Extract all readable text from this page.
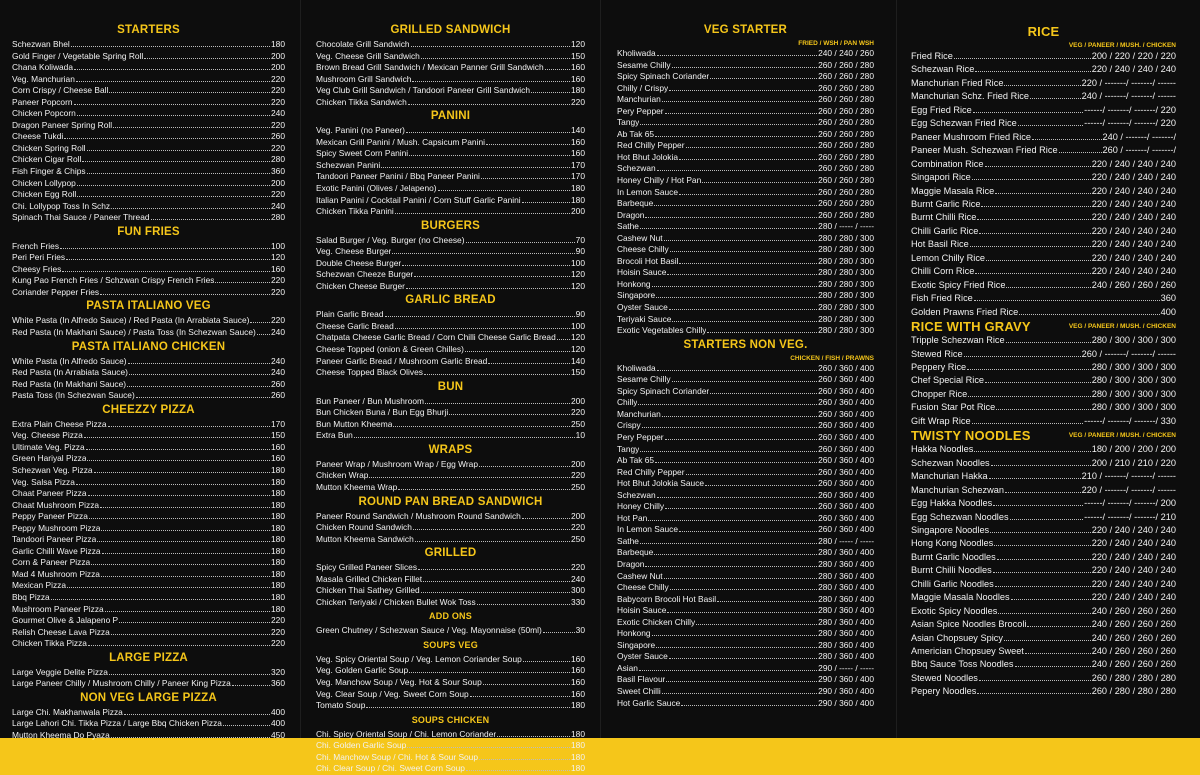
STARTERS
Schezwan Bhel	180
Gold Finger / Vegetable Spring Roll	200
Chana Koliwada	200
Veg. Manchurian	220
Corn Crispy / Cheese Ball	220
Paneer Popcorn	220
Chicken Popcorn	240
Dragon Paneer Spring Roll	220
Cheese Tukdi	260
Chicken Spring Roll	220
Chicken Cigar Roll	280
Fish Finger & Chips	360
Chicken Lollypop	200
Chicken Egg Roll	220
Chi. Lollypop Toss In Schz.	240
Spinach Thai Sauce / Paneer Thread	280
FUN FRIES
French Fries	100
Peri Peri Fries	120
Cheesy Fries	160
Kung Pao French Fries / Schzwan Crispy French Fries	220
Coriander Pepper Fries	220
PASTA ITALIANO VEG
White Pasta (In Alfredo Sauce) / Red Pasta (In Arrabiata Sauce)	220
Red Pasta (In Makhani Sauce) / Pasta Toss (In Schezwan Sauce) 240
PASTA ITALIANO CHICKEN
White Pasta (In Alfredo Sauce)	240
Red Pasta (In Arrabiata Sauce)	240
Red Pasta (In Makhani Sauce)	260
Pasta Toss (In Schezwan Sauce)	260
CHEEZZY PIZZA
Extra Plain Cheese Pizza	170
Veg. Cheese Pizza	150
Ultimate Veg. Pizza	160
Green Hariyal Pizza	160
Schezwan Veg. Pizza	180
Veg. Salsa Pizza	180
Chaat Paneer Pizza	180
Chaat Mushroom Pizza	180
Peppy Paneer Pizza	180
Peppy Mushroom Pizza	180
Tandoori Paneer Pizza	180
Garlic Chilli Wave Pizza	180
Corn & Paneer Pizza	180
Mad 4 Mushroom Pizza	180
Mexican Pizza	180
Bbq Pizza	180
Mushroom Paneer Pizza	180
Gourmet Olive & Jalapeno P	220
Relish Cheese Lava Pizza	220
Chicken Tikka Pizza	220
LARGE PIZZA
Large Veggie Delite Pizza	320
Large Paneer Chilly / Mushroom Chilly / Paneer King Pizza	360
NON VEG LARGE PIZZA
Large Chi. Makhanwala Pizza	400
Large Lahori Chi. Tikka Pizza / Large Bbq Chicken Pizza	400
Mutton Kheema Do Pyaza	450
GRILLED SANDWICH
Chocolate Grill Sandwich	120
Veg. Cheese Grill Sandwich	150
Brown Bread Grill Sandwich / Mexican Panner Grill Sandwich	160
Mushroom Grill Sandwich	160
Veg Club Grill Sandwich / Tandoori Paneer Grill Sandwich	180
Chicken Tikka Sandwich	220
PANINI
Veg. Panini (no Paneer)	140
Mexican Grill Panini / Mush. Capsicum Panini	160
Spicy Sweet Corn Panini	160
Schezwan Panini	170
Tandoori Paneer Panini / Bbq Paneer Panini	170
Exotic Panini (Olives / Jelapeno)	180
Italian Panini / Cocktail Panini / Corn Stuff Garlic Panini	180
Chicken Tikka Panini	200
BURGERS
Salad Burger / Veg. Burger (no Cheese)	70
Veg. Cheese Burger	90
Double Cheese Burger	100
Schezwan Cheeze Burger	120
Chicken Cheese Burger	120
GARLIC BREAD
Plain Garlic Bread	90
Cheese Garlic Bread	100
Chatpata Cheese Garlic Bread / Corn Chilli Cheese Garlic Bread 120
Cheese Topped (onion & Green Chilles)	120
Paneer Garlic Bread / Mushroom Garlic Bread	140
Cheese Topped Black Olives	150
BUN
Bun Paneer / Bun Mushroom	200
Bun Chicken Buna / Bun Egg Bhurji	220
Bun Mutton Kheema	250
Extra Bun	10
WRAPS
Paneer Wrap / Mushroom Wrap / Egg Wrap	200
Chicken Wrap	220
Mutton Kheema Wrap	250
ROUND PAN BREAD SANDWICH
Paneer Round Sandwich / Mushroom Round Sandwich	200
Chicken Round Sandwich	220
Mutton Kheema Sandwich	250
GRILLED
Spicy Grilled Paneer Slices	220
Masala Grilled Chicken Fillet	240
Chicken Thai Sathey Grilled	300
Chicken Teriyaki / Chicken Bullet Wok Toss	330
ADD ONS
Green Chutney / Schezwan Sauce / Veg. Mayonnaise (50ml)	30
SOUPS VEG
Veg. Spicy Oriental Soup / Veg. Lemon Coriander Soup	160
Veg. Golden Garlic Soup	160
Veg. Manchow Soup / Veg. Hot & Sour Soup	160
Veg. Clear Soup / Veg. Sweet Corn Soup	160
Tomato Soup	180
SOUPS CHICKEN
Chi. Spicy Oriental Soup / Chi. Lemon Coriander	180
Chi. Golden Garlic Soup	180
Chi. Manchow Soup / Chi. Hot & Sour Soup	180
Chi. Clear Soup / Chi. Sweet Corn Soup	180
VEG STARTER
FRIED / WSH / PAN WSH
Kholiwada	240 / 240 / 260
Sesame Chilly	260 / 260 / 280
Spicy Spinach Coriander	260 / 260 / 280
Chilly / Crispy	260 / 260 / 280
Manchurian	260 / 260 / 280
Pery Pepper	260 / 260 / 280
Tangy	260 / 260 / 280
Ab Tak 65	260 / 260 / 280
Red Chilly Pepper	260 / 260 / 280
Hot Bhut Jolokia	260 / 260 / 280
Schezwan	260 / 260 / 280
Honey Chilly / Hot Pan	260 / 260 / 280
In Lemon Sauce	260 / 260 / 280
Barbeque	260 / 260 / 280
Dragon	260 / 260 / 280
Sathe	280 / ----- / -----
Cashew Nut	280 / 280 / 300
Cheese Chilly	280 / 280 / 300
Brocoli Hot Basil	280 / 280 / 300
Hoisin Sauce	280 / 280 / 300
Honkong	280 / 280 / 300
Singapore	280 / 280 / 300
Oyster Sauce	280 / 280 / 300
Teriyaki Sauce	280 / 280 / 300
Exotic Vegetables Chilly	280 / 280 / 300
STARTERS NON VEG.
CHICKEN / FISH / PRAWNS
Kholiwada	260 / 360 / 400
Sesame Chilly	260 / 360 / 400
Spicy Spinach Coriander	260 / 360 / 400
Chilly	260 / 360 / 400
Manchurian	260 / 360 / 400
Crispy	260 / 360 / 400
Pery Pepper	260 / 360 / 400
Tangy	260 / 360 / 400
Ab Tak 65	260 / 360 / 400
Red Chilly Pepper	260 / 360 / 400
Hot Bhut Jolokia Sauce	260 / 360 / 400
Schezwan	260 / 360 / 400
Honey Chilly	260 / 360 / 400
Hot Pan	260 / 360 / 400
In Lemon Sauce	260 / 360 / 400
Sathe	280 / ----- / -----
Barbeque	280 / 360 / 400
Dragon	280 / 360 / 400
Cashew Nut	280 / 360 / 400
Cheese Chilly	280 / 360 / 400
Babycorn Brocoli Hot Basil	280 / 360 / 400
Hoisin Sauce	280 / 360 / 400
Exotic Chicken Chilly	280 / 360 / 400
Honkong	280 / 360 / 400
Singapore	280 / 360 / 400
Oyster Sauce	280 / 360 / 400
Asian	290 / ----- / -----
Basil Flavour	290 / 360 / 400
Sweet Chilli	290 / 360 / 400
Hot Garlic Sauce	290 / 360 / 400
RICE
VEG / PANEER / MUSH. / CHICKEN
Fried Rice	200 / 220 / 220 / 220
Schezwan Rice	220 / 240 / 240 / 240
Manchurian Fried Rice	220 / -------/ -------/ ------
Manchurian Schz. Fried Rice	240 / -------/ -------/ ------
Egg Fried Rice	------/ -------/ -------/ 220
Egg Schezwan Fried Rice	------/ -------/ -------/ 220
Paneer Mushroom Fried Rice	240 / -------/ -------/
Paneer Mush. Schezwan Fried Rice	260 / -------/ -------/
Combination Rice	220 / 240 / 240 / 240
Singapori Rice	220 / 240 / 240 / 240
Maggie Masala Rice	220 / 240 / 240 / 240
Burnt Garlic Rice	220 / 240 / 240 / 240
Burnt Chilli Rice	220 / 240 / 240 / 240
Chilli Garlic Rice	220 / 240 / 240 / 240
Hot Basil Rice	220 / 240 / 240 / 240
Lemon Chilly Rice	220 / 240 / 240 / 240
Chilli Corn Rice	220 / 240 / 240 / 240
Exotic Spicy Fried Rice	240 / 260 / 260 / 260
Fish Fried Rice	360
Golden Prawns Fried Rice	400
RICE WITH GRAVY	VEG / PANEER / MUSH. / CHICKEN
Tripple Schezwan Rice	280 / 300 / 300 / 300
Stewed Rice	260 / -------/ -------/ ------
Peppery Rice	280 / 300 / 300 / 300
Chef Special Rice	280 / 300 / 300 / 300
Chopper Rice	280 / 300 / 300 / 300
Fusion Star Pot Rice	280 / 300 / 300 / 300
Gift Wrap Rice	------/ -------/ -------/ 330
TWISTY NOODLES	VEG / PANEER / MUSH. / CHICKEN
Hakka Noodles	180 / 200 / 200 / 200
Schezwan Noodles	200 / 210 / 210 / 220
Manchurian Hakka	210 / -------/ -------/ ------
Manchurian Schezwan	220 / -------/ -------/ ------
Egg Hakka Noodles	------/ -------/ -------/ 200
Egg Schezwan Noodles	------/ -------/ -------/ 210
Singapore Noodles	220 / 240 / 240 / 240
Hong Kong Noodles	220 / 240 / 240 / 240
Burnt Garlic Noodles	220 / 240 / 240 / 240
Burnt Chilli Noodles	220 / 240 / 240 / 240
Chilli Garlic Noodles	220 / 240 / 240 / 240
Maggie Masala Noodles	220 / 240 / 240 / 240
Exotic Spicy Noodles	240 / 260 / 260 / 260
Asian Spice Noodles Brocoli	240 / 260 / 260 / 260
Asian Chopsuey Spicy	240 / 260 / 260 / 260
Americian Chopsuey Sweet	240 / 260 / 260 / 260
Bbq Sauce Toss Noodles	240 / 260 / 260 / 260
Stewed Noodles	260 / 280 / 280 / 280
Pepery Noodles	260 / 280 / 280 / 280
